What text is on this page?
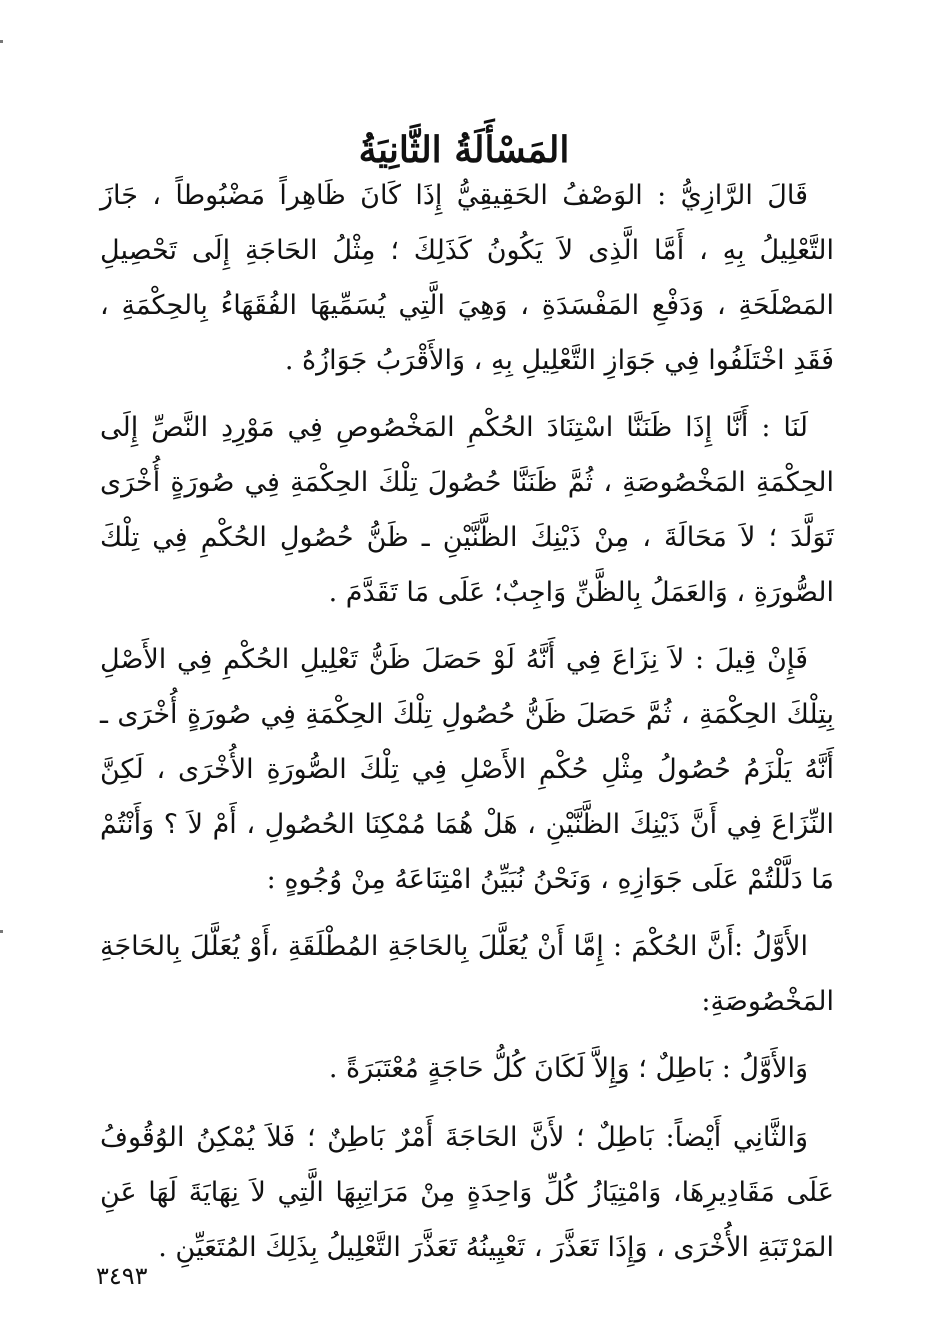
المَسْأَلَةُ الثَّانِيَةُ

قَالَ الرَّازِيُّ : الوَصْفُ الحَقِيقِيُّ إِذَا كَانَ ظَاهِراً مَضْبُوطاً ، جَازَ التَّعْلِيلُ بِهِ ، أَمَّا الَّذِى لاَ يَكُونُ كَذَلِكَ ؛ مِثْلُ الحَاجَةِ إِلَى تَحْصِيلِ المَصْلَحَةِ ، وَدَفْعِ المَفْسَدَةِ ، وَهِيَ الَّتِي يُسَمِّيهَا الفُقَهَاءُ بِالحِكْمَةِ ، فَقَدِ اخْتَلَفُوا فِي جَوَازِ التَّعْلِيلِ بِهِ ، وَالأَقْرَبُ جَوَازُهُ .

لَنَا : أَنَّا إِذَا ظَنَنَّا اسْتِنَادَ الحُكْمِ المَخْصُوصِ فِي مَوْرِدِ النَّصِّ إِلَى الحِكْمَةِ المَخْصُوصَةِ ، ثُمَّ ظَنَنَّا حُصُولَ تِلْكَ الحِكْمَةِ فِي صُورَةٍ أُخْرَى تَوَلَّدَ ؛ لاَ مَحَالَةَ ، مِنْ ذَيْنِكَ الظَّنَّيْنِ ـ ظَنُّ حُصُولِ الحُكْمِ فِي تِلْكَ الصُّورَةِ ، وَالعَمَلُ بِالظَّنِّ وَاجِبٌ؛ عَلَى مَا تَقَدَّمَ .

فَإِنْ قِيلَ : لاَ نِزَاعَ فِي أَنَّهُ لَوْ حَصَلَ ظَنُّ تَعْلِيلِ الحُكْمِ فِي الأَصْلِ بِتِلْكَ الحِكْمَةِ ، ثُمَّ حَصَلَ ظَنُّ حُصُولِ تِلْكَ الحِكْمَةِ فِي صُورَةٍ أُخْرَى ـ أَنَّهُ يَلْزَمُ حُصُولُ مِثْلِ حُكْمِ الأَصْلِ فِي تِلْكَ الصُّورَةِ الأُخْرَى ، لَكِنَّ النِّزَاعَ فِي أَنَّ ذَيْنِكَ الظَّنَّيْنِ ، هَلْ هُمَا مُمْكِنَا الحُصُولِ ، أَمْ لاَ ؟ وَأَنْتُمْ مَا دَلَّلْتُمْ عَلَى جَوَازِهِ ، وَنَحْنُ نُبَيِّنُ امْتِنَاعَهُ مِنْ وُجُوهٍ :

الأَوَّلُ :أَنَّ الحُكْمَ : إِمَّا أَنْ يُعَلَّلَ بِالحَاجَةِ المُطْلَقَةِ ،أَوْ يُعَلَّلَ بِالحَاجَةِ المَخْصُوصَةِ:

وَالأَوَّلُ : بَاطِلٌ ؛ وَإِلاَّ لَكَانَ كُلُّ حَاجَةٍ مُعْتَبَرَةً .

وَالثَّانِي أَيْضاً: بَاطِلٌ ؛ لأَنَّ الحَاجَةَ أَمْرٌ بَاطِنٌ ؛ فَلاَ يُمْكِنُ الوُقُوفُ عَلَى مَقَادِيرِهَا، وَامْتِيَازُ كُلِّ وَاحِدَةٍ مِنْ مَرَاتِبِهَا الَّتِي لاَ نِهَايَةَ لَهَا عَنِ المَرْتَبَةِ الأُخْرَى ، وَإِذَا تَعَذَّرَ ، تَعْيِينُهُ تَعَذَّرَ التَّعْلِيلُ بِذَلِكَ المُتَعَيِّنِ .

٣٤٩٣
